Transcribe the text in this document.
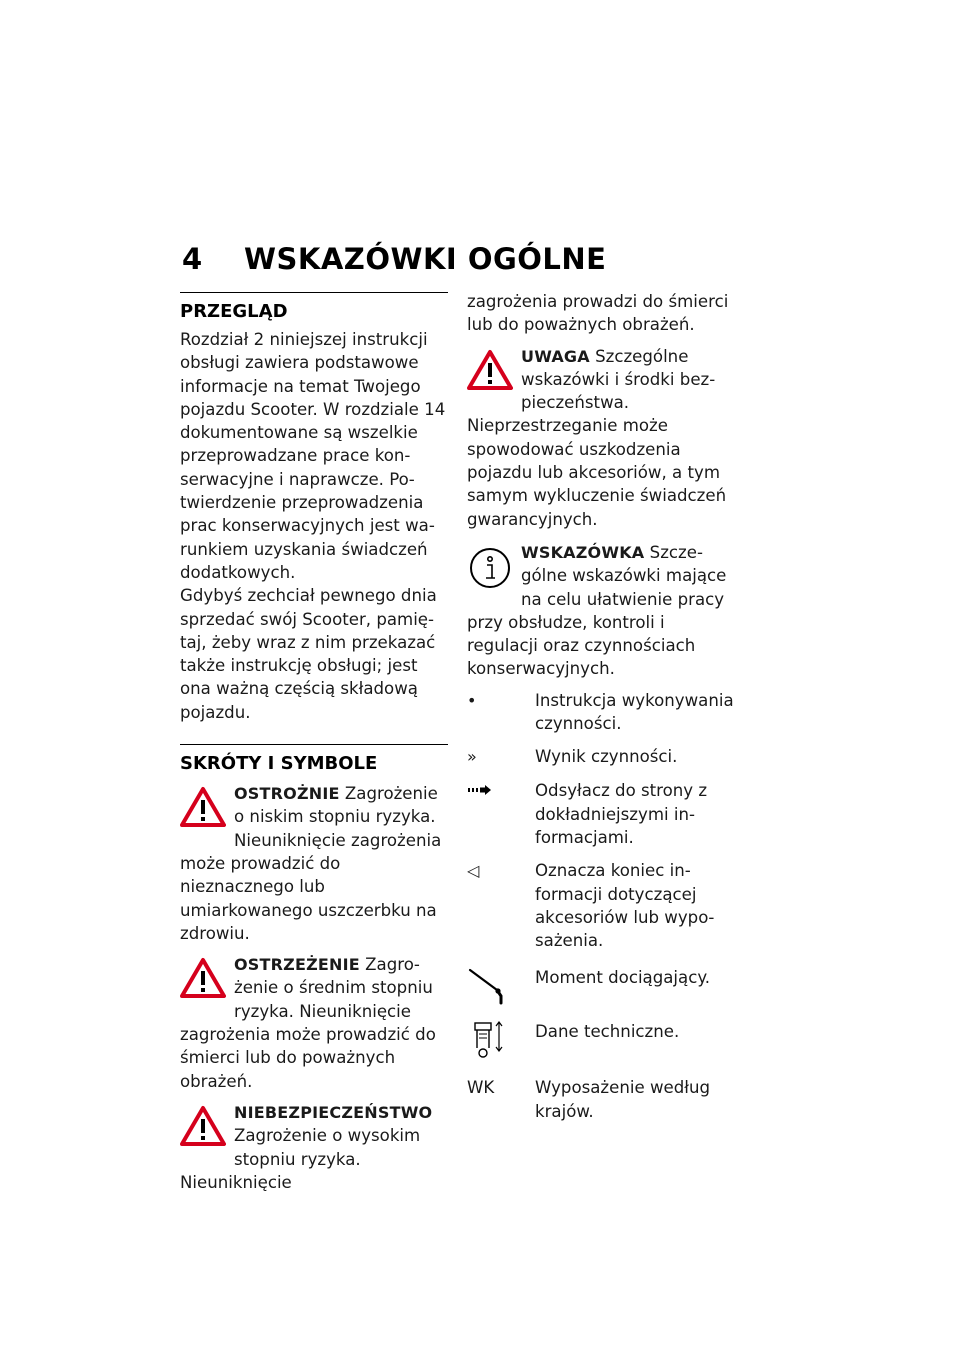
4 WSKAZÓWKI OGÓLNE
PRZEGLĄD

Rozdział 2 niniejszej instrukcji obsługi zawiera podstawowe informacje na temat Twojego pojazdu Scooter. W rozdziale 14 dokumentowane są wszelkie przeprowadzane prace konserwacyjne i naprawcze. Potwierdzenie przeprowadzenia prac konserwacyjnych jest warunkiem uzyskania świadczeń dodatkowych.

Gdybyś zechciał pewnego dnia sprzedać swój Scooter, pamiętaj, żeby wraz z nim przekazać także instrukcję obsługi; jest ona ważną częścią składową pojazdu.

SKRÓTY I SYMBOLE
OSTROŻNIE Zagrożenie o niskim stopniu ryzyka. Nieuniknięcie zagrożenia może prowadzić do nieznacznego lub umiarkowanego uszczerbku na zdrowiu.
OSTRZEŻENIE Zagrożenie o średnim stopniu ryzyka. Nieuniknięcie zagrożenia może prowadzić do śmierci lub do poważnych obrażeń.
NIEBEZPIECZEŃSTWO
Zagrożenie o wysokim stopniu ryzyka. Nieuniknięcie

zagrożenia prowadzi do śmierci lub do poważnych obrażeń.

UWAGA Szczególne wskazówki i środki bezpieczeństwa. Nieprzestrzeganie może spowodować uszkodzenia pojazdu lub akcesoriów, a tym samym wykluczenie świadczeń gwarancyjnych.
WSKAZÓWKA Szczególne wskazówki mające na celu ułatwienie pracy przy obsłudze, kontroli i regulacji oraz czynnościach konserwacyjnych.
•	Instrukcja wykonywania czynności.
»	Wynik czynności.
Odsyłacz do strony z dokładniejszymi informacjami.
◁	Oznacza koniec informacji dotyczącej akcesoriów lub wyposażenia.
Moment dociągający.
Dane techniczne.
WK	Wyposażenie według krajów.
